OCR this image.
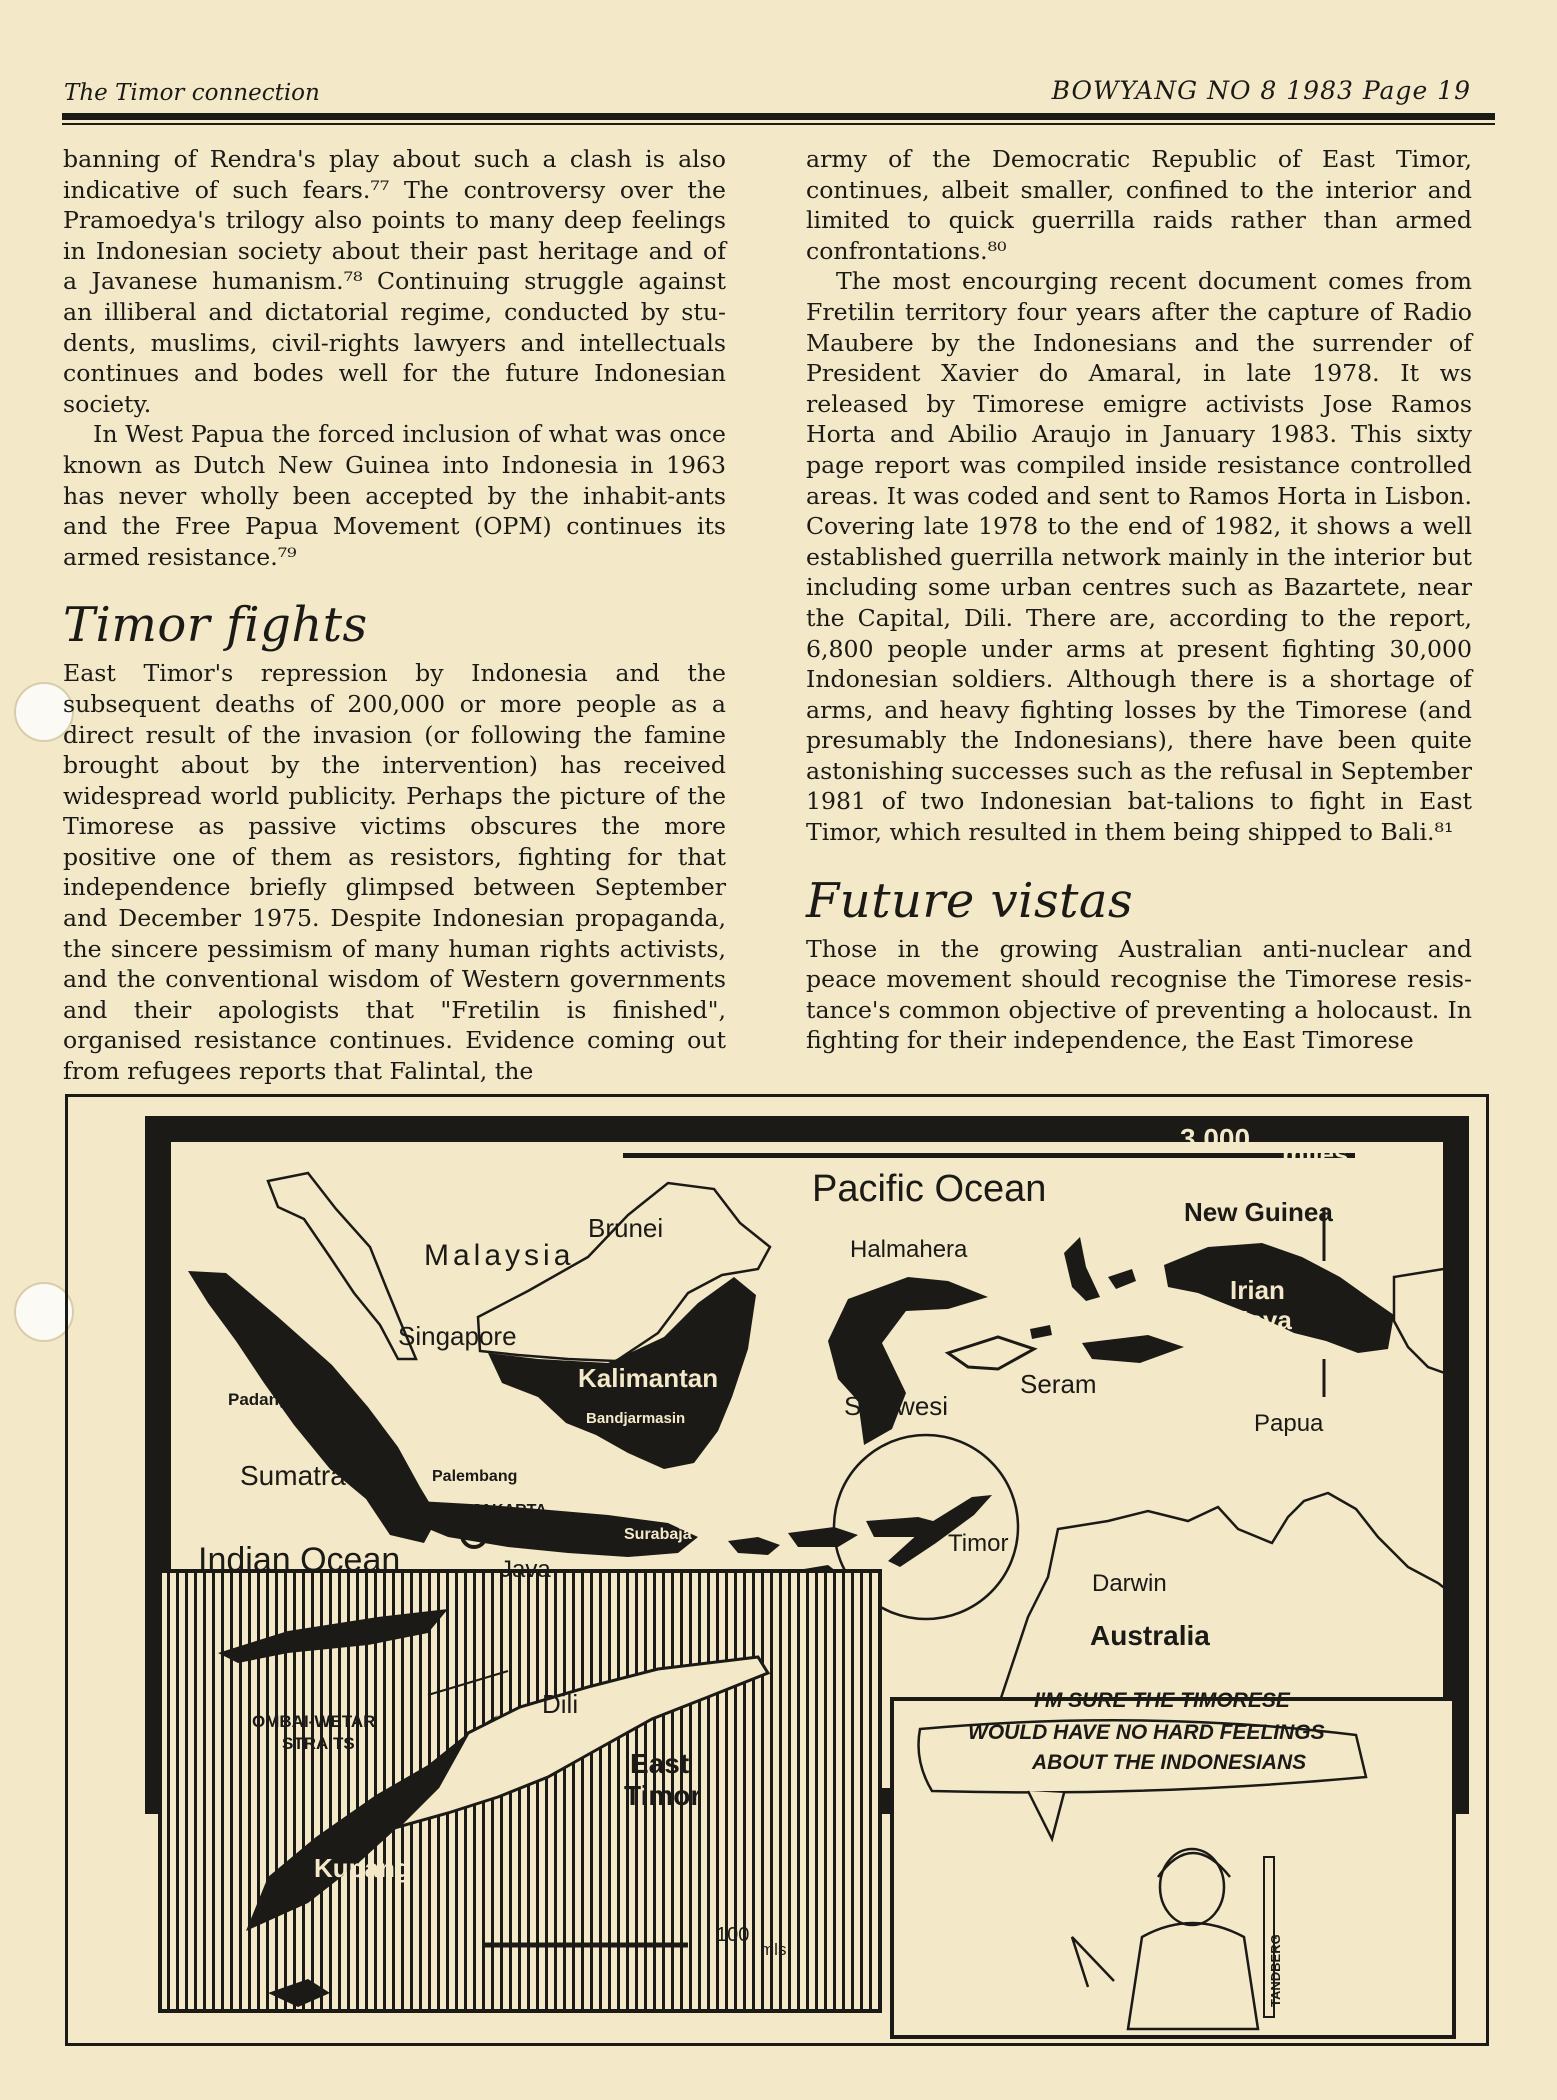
The Timor connection	BOWYANG NO 8 1983 Page 19

banning of Rendra's play about such a clash is also indicative of such fears.⁷⁷ The controversy over the Pramoedya's trilogy also points to many deep feelings in Indonesian society about their past heritage and of a Javanese humanism.⁷⁸ Continuing struggle against an illiberal and dictatorial regime, conducted by stu-dents, muslims, civil-rights lawyers and intellectuals continues and bodes well for the future Indonesian society.

In West Papua the forced inclusion of what was once known as Dutch New Guinea into Indonesia in 1963 has never wholly been accepted by the inhabit-ants and the Free Papua Movement (OPM) continues its armed resistance.⁷⁹

Timor fights

East Timor's repression by Indonesia and the subsequent deaths of 200,000 or more people as a direct result of the invasion (or following the famine brought about by the intervention) has received widespread world publicity. Perhaps the picture of the Timorese as passive victims obscures the more positive one of them as resistors, fighting for that independence briefly glimpsed between September and December 1975. Despite Indonesian propaganda, the sincere pessimism of many human rights activists, and the conventional wisdom of Western governments and their apologists that "Fretilin is finished", organised resistance continues. Evidence coming out from refugees reports that Falintal, the

army of the Democratic Republic of East Timor, continues, albeit smaller, confined to the interior and limited to quick guerrilla raids rather than armed confrontations.⁸⁰

The most encourging recent document comes from Fretilin territory four years after the capture of Radio Maubere by the Indonesians and the surrender of President Xavier do Amaral, in late 1978. It ws released by Timorese emigre activists Jose Ramos Horta and Abilio Araujo in January 1983. This sixty page report was compiled inside resistance controlled areas. It was coded and sent to Ramos Horta in Lisbon. Covering late 1978 to the end of 1982, it shows a well established guerrilla network mainly in the interior but including some urban centres such as Bazartete, near the Capital, Dili. There are, according to the report, 6,800 people under arms at present fighting 30,000 Indonesian soldiers. Although there is a shortage of arms, and heavy fighting losses by the Timorese (and presumably the Indonesians), there have been quite astonishing successes such as the refusal in September 1981 of two Indonesian bat-talions to fight in East Timor, which resulted in them being shipped to Bali.⁸¹

Future vistas

Those in the growing Australian anti-nuclear and peace movement should recognise the Timorese resis-tance's common objective of preventing a holocaust. In fighting for their independence, the East Timorese

3,000 miles
Pacific Ocean
New Guinea
Brunei
Malaysia	Halmahera
Singapore
Kalimantan
Bandjarmasin
Padang	Sulawesi
Seram
Irian
Jaya
Papua
Sumatra	Palembang
DJAKARTA
Surabaja
Indian Ocean	Java
Timor
Darwin
Australia
OMBAI-WETAR
STRAITS
Dili
East
Timor
Kupang
100
mls
I'M SURE THE TIMORESE
WOULD HAVE NO HARD FEELINGS
ABOUT THE INDONESIANS
TANDBERG
